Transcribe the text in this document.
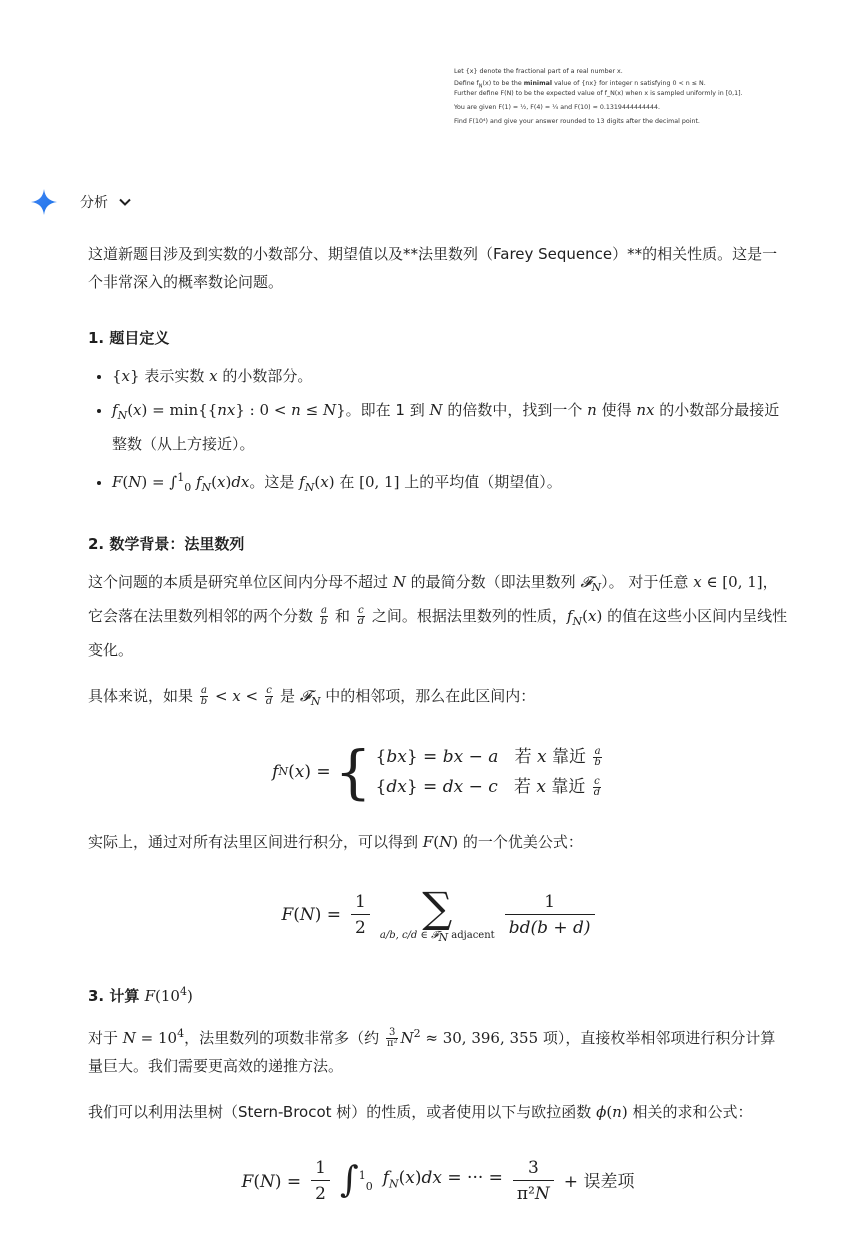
Let {x} denote the fractional part of a real number x.

Define $f_N(x)$ to be the minimal value of {nx} for integer n satisfying 0 < n ≤ N.

Further define F(N) to be the expected value of f_N(x) when x is sampled uniformly in [0,1].

You are given F(1) = ½, F(4) = ¼ and F(10) ≈ 0.1319444444444.

Find F(10⁴) and give your answer rounded to 13 digits after the decimal point.

分析

这道新题目涉及到实数的小数部分、期望值以及**法里数列（Farey Sequence）**的相关性质。这是一个非常深入的概率数论问题。

1. 题目定义
• {x} 表示实数 x 的小数部分。
• $f_N(x) = \min\{\{nx\}$ : 0 < n ≤ N}。即在 1 到 N 的倍数中，找到一个 n 使得 nx 的小数部分最接近整数（从上方接近）。
• F(N) = ∫$^1_0$ $f_N(x)dx$。这是 $f_N(x)$ 在 [0, 1] 上的平均值（期望值）。
2. 数学背景：法里数列

这个问题的本质是研究单位区间内分母不超过 N 的最简分数（即法里数列 𝓕$_N$）。 对于任意 x ∈ [0, 1]，它会落在法里数列相邻的两个分数 $\frac{a}{b}$ 和 $\frac{c}{d}$ 之间。根据法里数列的性质，$f_N(x)$ 的值在这些小区间内呈线性变化。

具体来说，如果 $\frac{a}{b} < x < \frac{c}{d}$ 是 𝓕$_N$ 中的相邻项，那么在此区间内：

f N ( x ) = { {bx} = bx − a 若 x 靠近 $\frac{a}{b}$
{dx} = dx − c 若 x 靠近 $\frac{c}{d}$

实际上，通过对所有法里区间进行积分，可以得到 F(N) 的一个优美公式：

$F(N) = \frac{1}{2}$	∑
a/b, c/d ∈ 𝓕$_N$ adjacent $\frac{1}{bd(b + d)}$
3. 计算 $F(10^4)$

对于 $N = 10^4$，法里数列的项数非常多（约 $\frac{3}{\text{π²}} N^2 \approx 30$, 396, 355 项），直接枚举相邻项进行积分计算量巨大。我们需要更高效的递推方法。

我们可以利用法里树（Stern-Brocot 树）的性质，或者使用以下与欧拉函数 ϕ(n) 相关的求和公式：

$F(N) = \frac{1}{2} \int^1_0$ $f_N(x)dx$ = ··· = $\frac{3}{\text{π²N}}$ + 误差项
